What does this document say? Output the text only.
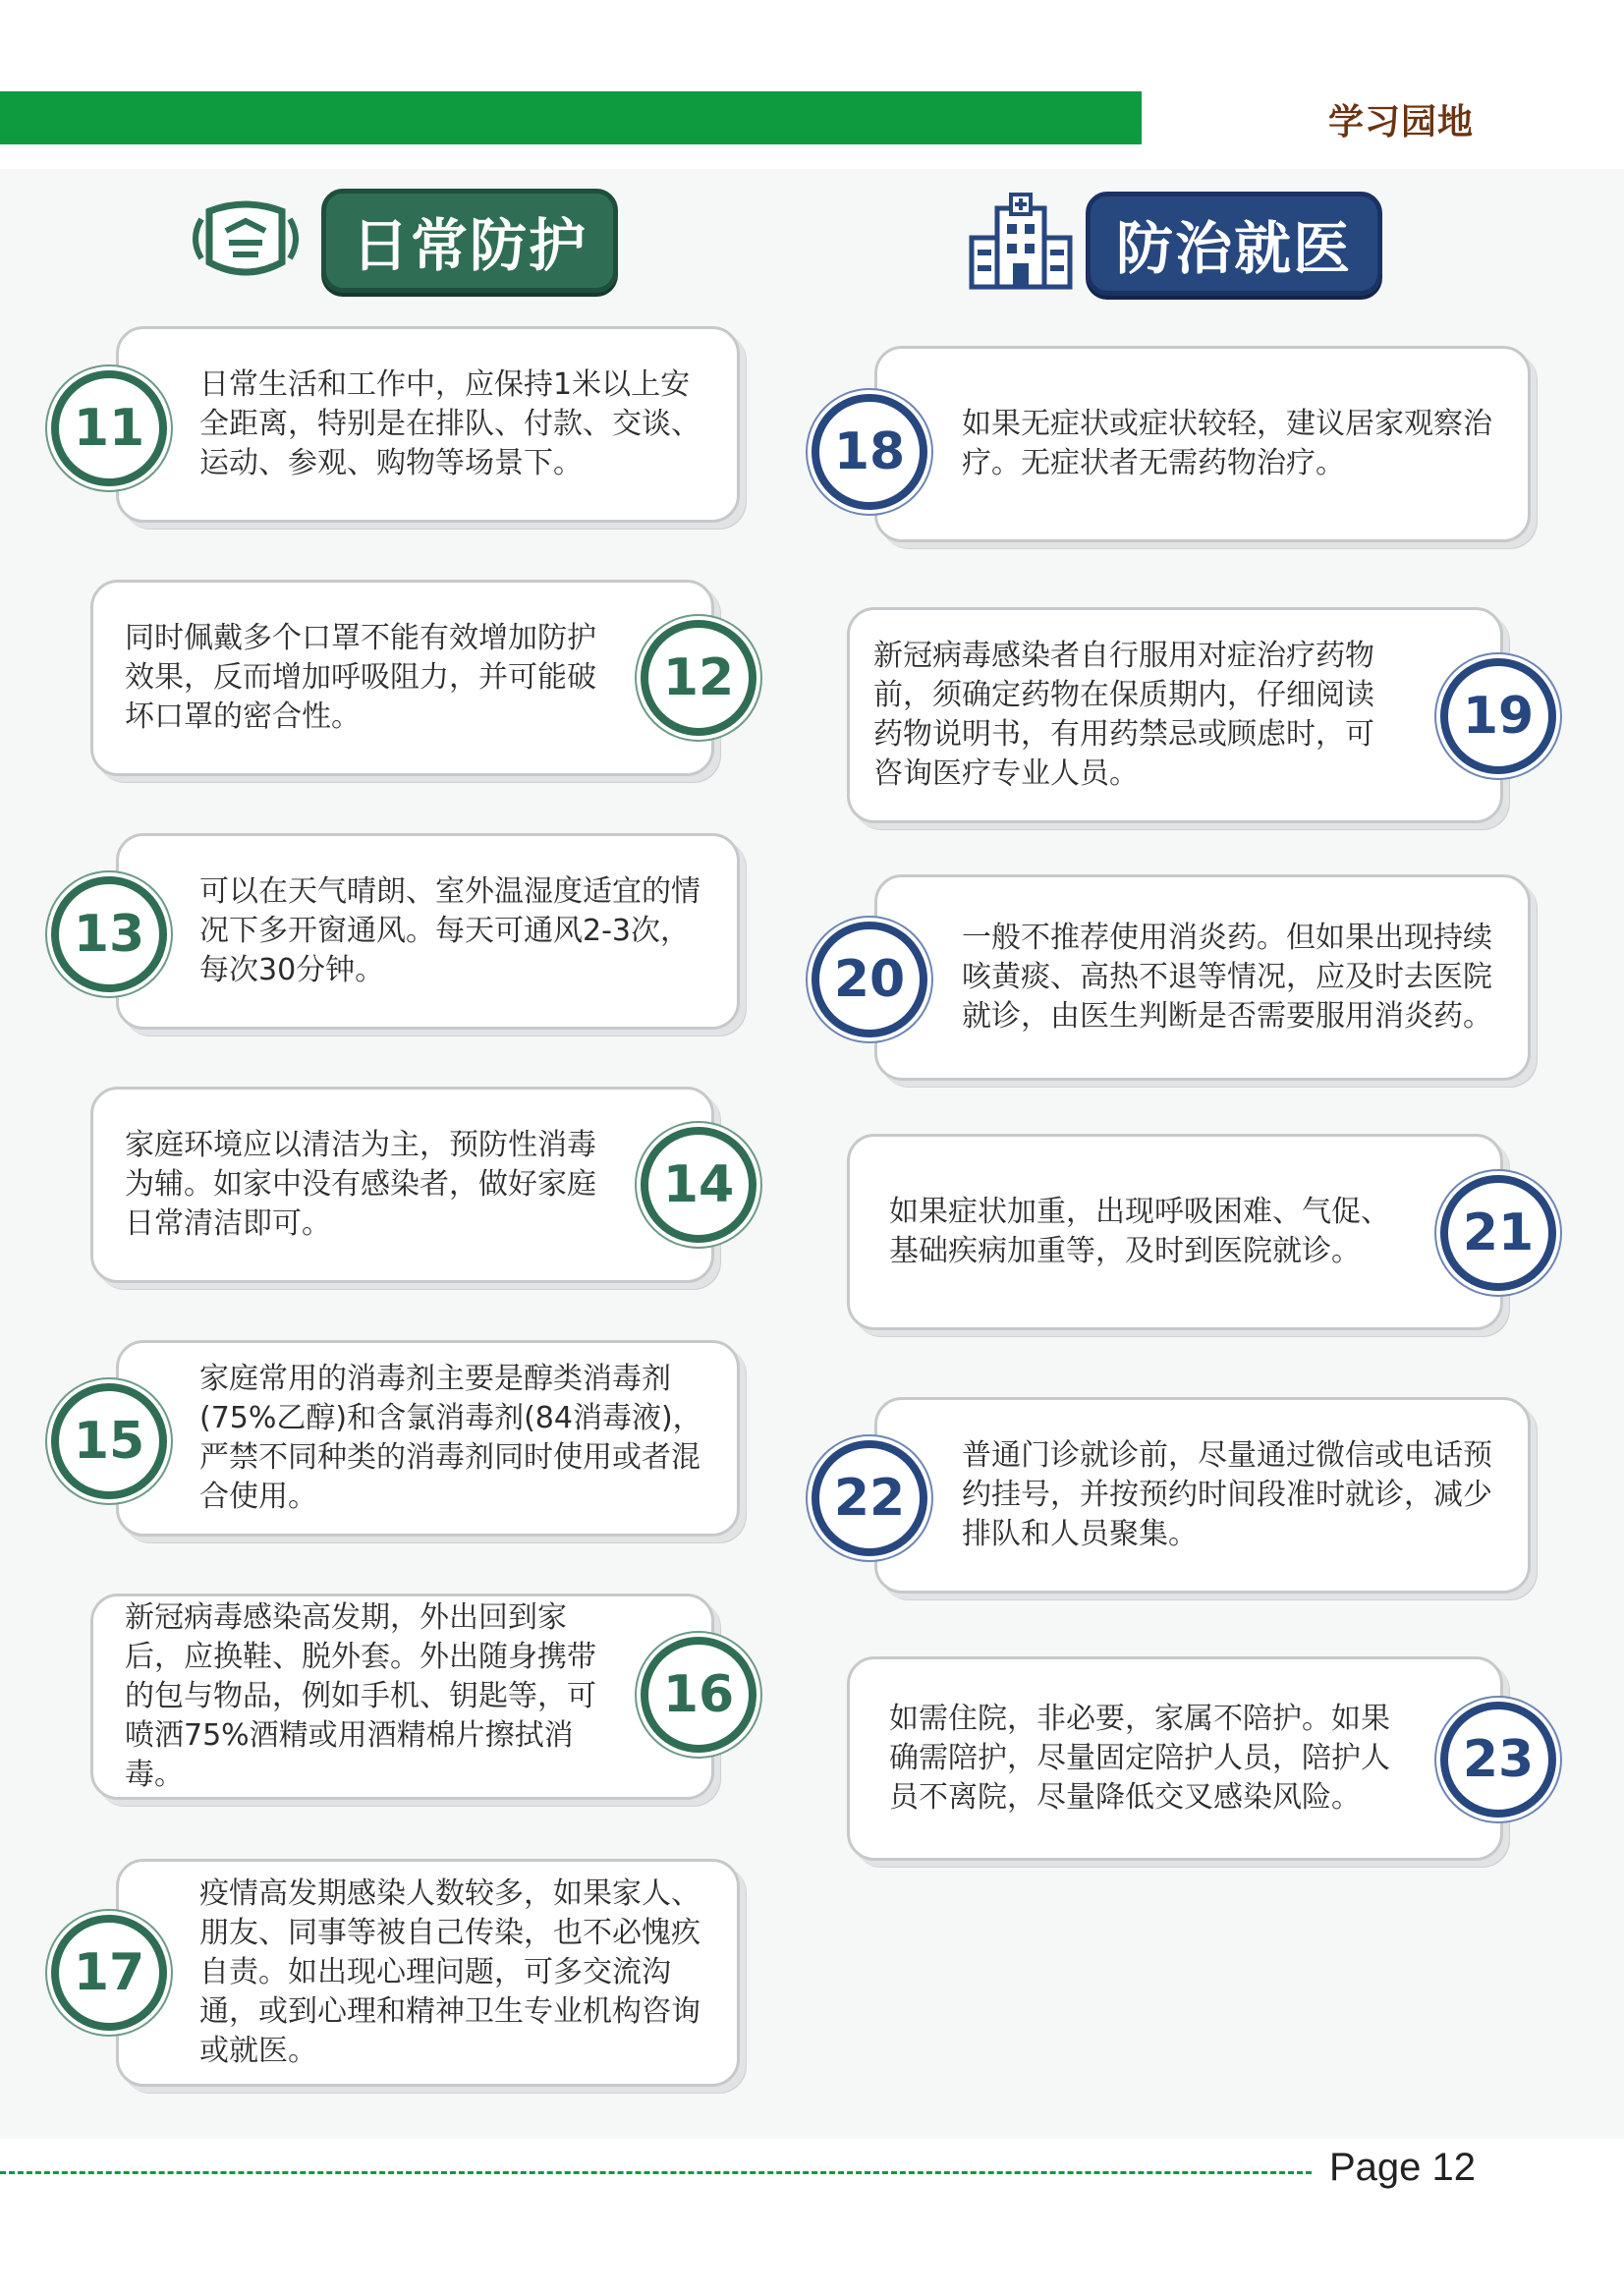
学习园地
日常防护	防治就医
日常生活和工作中，应保持1米以上安全距离，特别是在排队、付款、交谈、运动、参观、购物等场景下。
11
同时佩戴多个口罩不能有效增加防护效果，反而增加呼吸阻力，并可能破坏口罩的密合性。
12
可以在天气晴朗、室外温湿度适宜的情况下多开窗通风。每天可通风2-3次，每次30分钟。
13
家庭环境应以清洁为主，预防性消毒为辅。如家中没有感染者，做好家庭日常清洁即可。
14
家庭常用的消毒剂主要是醇类消毒剂(75%乙醇)和含氯消毒剂(84消毒液)，严禁不同种类的消毒剂同时使用或者混合使用。
15
新冠病毒感染高发期，外出回到家后，应换鞋、脱外套。外出随身携带的包与物品，例如手机、钥匙等，可喷洒75%酒精或用酒精棉片擦拭消毒。
16
疫情高发期感染人数较多，如果家人、朋友、同事等被自己传染，也不必愧疚自责。如出现心理问题，可多交流沟通，或到心理和精神卫生专业机构咨询或就医。
17
如果无症状或症状较轻，建议居家观察治疗。无症状者无需药物治疗。
18
新冠病毒感染者自行服用对症治疗药物前，须确定药物在保质期内，仔细阅读药物说明书，有用药禁忌或顾虑时，可咨询医疗专业人员。
19
一般不推荐使用消炎药。但如果出现持续咳黄痰、高热不退等情况，应及时去医院就诊，由医生判断是否需要服用消炎药。
20
如果症状加重，出现呼吸困难、气促、基础疾病加重等，及时到医院就诊。	21
普通门诊就诊前，尽量通过微信或电话预约挂号，并按预约时间段准时就诊，减少排队和人员聚集。
22
如需住院，非必要，家属不陪护。如果确需陪护，尽量固定陪护人员，陪护人员不离院，尽量降低交叉感染风险。
23
Page 12
